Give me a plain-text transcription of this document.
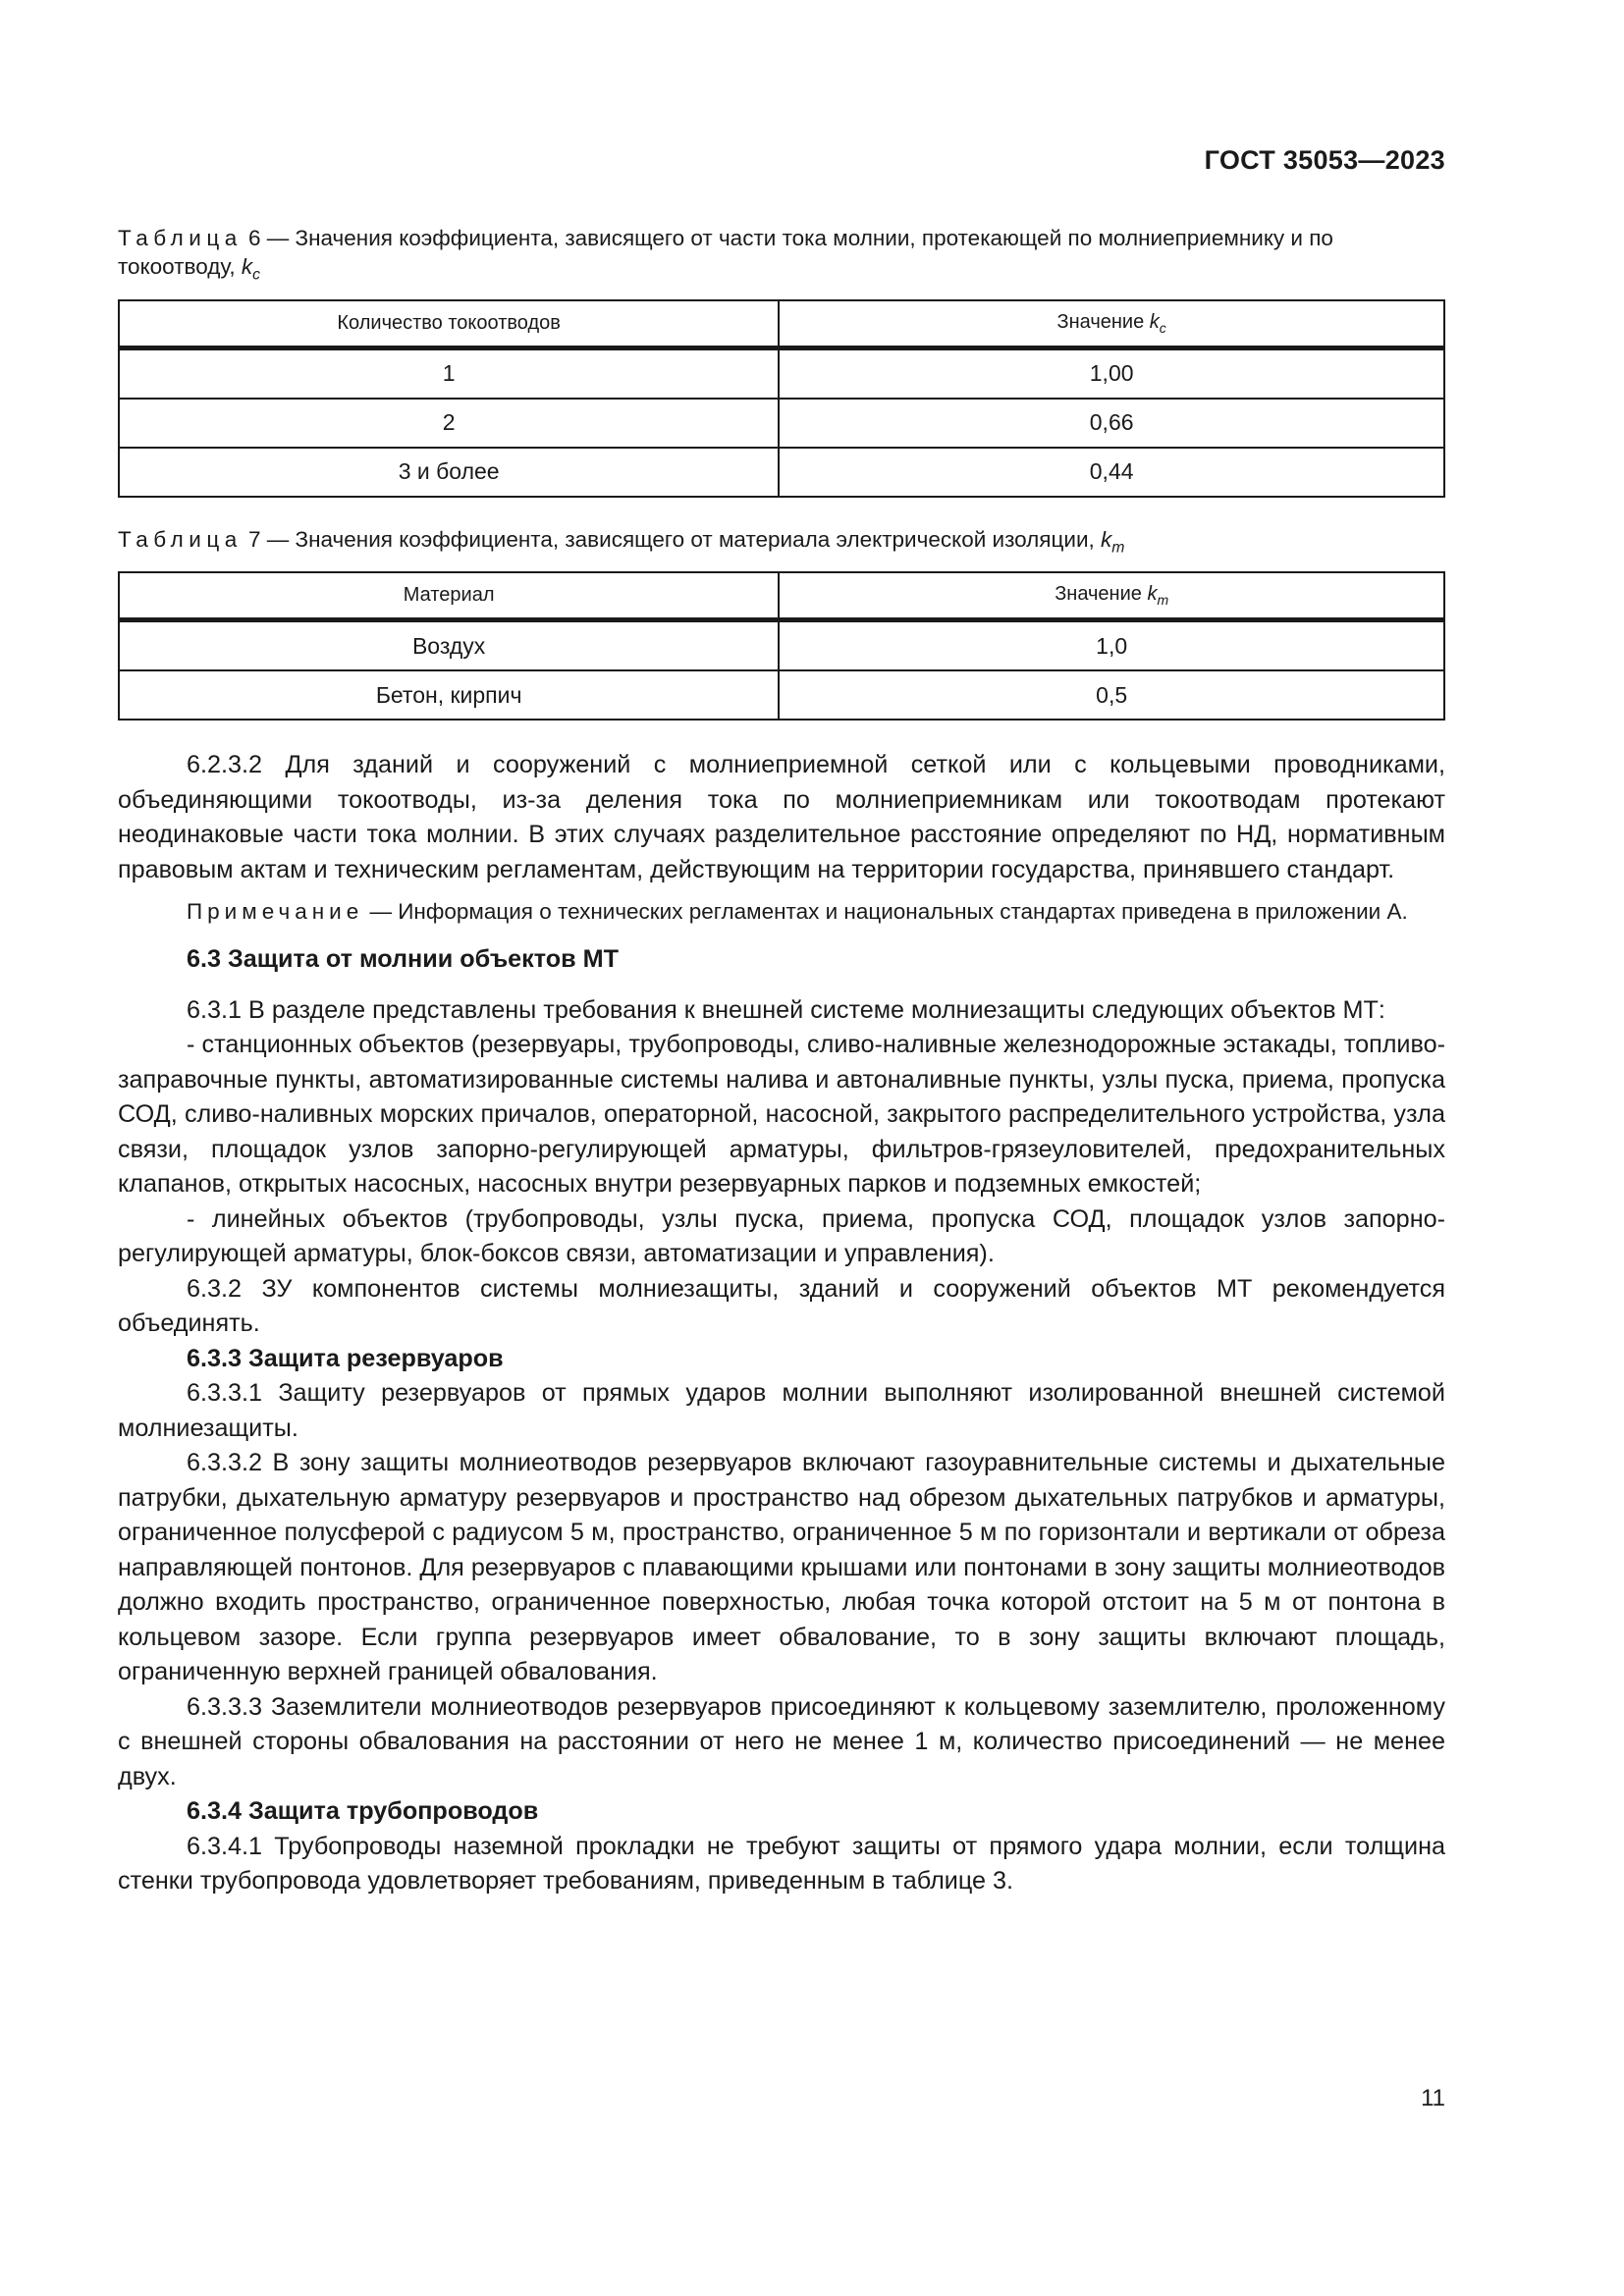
ГОСТ 35053—2023

Таблица 6 — Значения коэффициента, зависящего от части тока молнии, протекающей по молниеприемнику и по токоотводу, $k_c$

Количество токоотводов	Значение $k_c$
1	1,00
2	0,66
3 и более	0,44

Таблица 7 — Значения коэффициента, зависящего от материала электрической изоляции, $k_m$

Материал	Значение $k_m$
Воздух	1,0
Бетон, кирпич	0,5

6.2.3.2 Для зданий и сооружений с молниеприемной сеткой или с кольцевыми проводниками, объединяющими токоотводы, из-за деления тока по молниеприемникам или токоотводам протекают неодинаковые части тока молнии. В этих случаях разделительное расстояние определяют по НД, нормативным правовым актам и техническим регламентам, действующим на территории государства, принявшего стандарт.

Примечание — Информация о технических регламентах и национальных стандартах приведена в приложении А.

6.3 Защита от молнии объектов МТ

6.3.1 В разделе представлены требования к внешней системе молниезащиты следующих объектов МТ:

- станционных объектов (резервуары, трубопроводы, сливо-наливные железнодорожные эстакады, топливо-заправочные пункты, автоматизированные системы налива и автоналивные пункты, узлы пуска, приема, пропуска СОД, сливо-наливных морских причалов, операторной, насосной, закрытого распределительного устройства, узла связи, площадок узлов запорно-регулирующей арматуры, фильтров-грязеуловителей, предохранительных клапанов, открытых насосных, насосных внутри резервуарных парков и подземных емкостей;

- линейных объектов (трубопроводы, узлы пуска, приема, пропуска СОД, площадок узлов запорно-регулирующей арматуры, блок-боксов связи, автоматизации и управления).

6.3.2 ЗУ компонентов системы молниезащиты, зданий и сооружений объектов МТ рекомендуется объединять.

6.3.3 Защита резервуаров

6.3.3.1 Защиту резервуаров от прямых ударов молнии выполняют изолированной внешней системой молниезащиты.

6.3.3.2 В зону защиты молниеотводов резервуаров включают газоуравнительные системы и дыхательные патрубки, дыхательную арматуру резервуаров и пространство над обрезом дыхательных патрубков и арматуры, ограниченное полусферой с радиусом 5 м, пространство, ограниченное 5 м по горизонтали и вертикали от обреза направляющей понтонов. Для резервуаров с плавающими крышами или понтонами в зону защиты молниеотводов должно входить пространство, ограниченное поверхностью, любая точка которой отстоит на 5 м от понтона в кольцевом зазоре. Если группа резервуаров имеет обвалование, то в зону защиты включают площадь, ограниченную верхней границей обвалования.

6.3.3.3 Заземлители молниеотводов резервуаров присоединяют к кольцевому заземлителю, проложенному с внешней стороны обвалования на расстоянии от него не менее 1 м, количество присоединений — не менее двух.

6.3.4 Защита трубопроводов

6.3.4.1 Трубопроводы наземной прокладки не требуют защиты от прямого удара молнии, если толщина стенки трубопровода удовлетворяет требованиям, приведенным в таблице 3.

11
